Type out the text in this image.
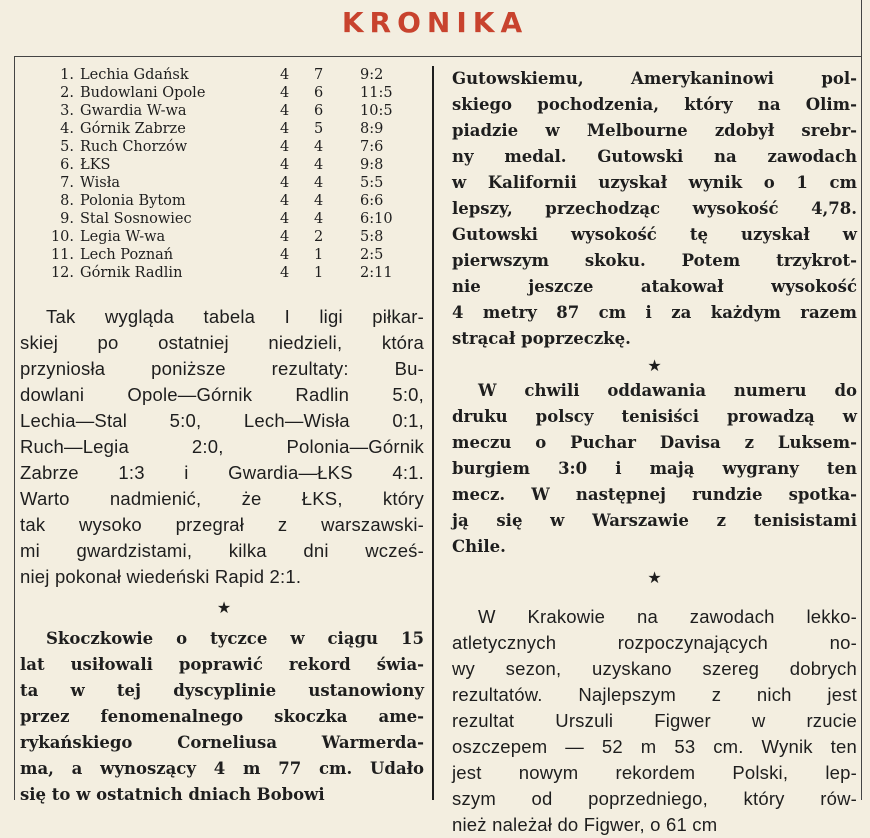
KRONIKA
1.	Lechia Gdańsk	4	7	9:2
2.	Budowlani Opole	4	6	11:5
3.	Gwardia W-wa	4	6	10:5
4.	Górnik Zabrze	4	5	8:9
5.	Ruch Chorzów	4	4	7:6
6.	ŁKS	4	4	9:8
7.	Wisła	4	4	5:5
8.	Polonia Bytom	4	4	6:6
9.	Stal Sosnowiec	4	4	6:10
10.	Legia W-wa	4	2	5:8
11.	Lech Poznań	4	1	2:5
12.	Górnik Radlin	4	1	2:11
Tak wygląda tabela I ligi piłkar-
skiej po ostatniej niedzieli, która
przyniosła poniższe rezultaty: Bu-
dowlani Opole—Górnik Radlin 5:0,
Lechia—Stal 5:0, Lech—Wisła 0:1,
Ruch—Legia 2:0, Polonia—Górnik
Zabrze 1:3 i Gwardia—ŁKS 4:1.
Warto nadmienić, że ŁKS, który
tak wysoko przegrał z warszawski-
mi gwardzistami, kilka dni wcześ-
niej pokonał wiedeński Rapid 2:1.
★
Skoczkowie o tyczce w ciągu 15
lat usiłowali poprawić rekord świa-
ta w tej dyscyplinie ustanowiony
przez fenomenalnego skoczka ame-
rykańskiego Corneliusa Warmerda-
ma, a wynoszący 4 m 77 cm. Udało
się to w ostatnich dniach Bobowi
Gutowskiemu, Amerykaninowi pol-
skiego pochodzenia, który na Olim-
piadzie w Melbourne zdobył srebr-
ny medal. Gutowski na zawodach
w Kalifornii uzyskał wynik o 1 cm
lepszy, przechodząc wysokość 4,78.
Gutowski wysokość tę uzyskał w
pierwszym skoku. Potem trzykrot-
nie jeszcze atakował wysokość
4 metry 87 cm i za każdym razem
strącał poprzeczkę.
★
W chwili oddawania numeru do
druku polscy tenisiści prowadzą w
meczu o Puchar Davisa z Luksem-
burgiem 3:0 i mają wygrany ten
mecz. W następnej rundzie spotka-
ją się w Warszawie z tenisistami
Chile.
★
W Krakowie na zawodach lekko-
atletycznych rozpoczynających no-
wy sezon, uzyskano szereg dobrych
rezultatów. Najlepszym z nich jest
rezultat Urszuli Figwer w rzucie
oszczepem — 52 m 53 cm. Wynik ten
jest nowym rekordem Polski, lep-
szym od poprzedniego, który rów-
nież należał do Figwer, o 61 cm
